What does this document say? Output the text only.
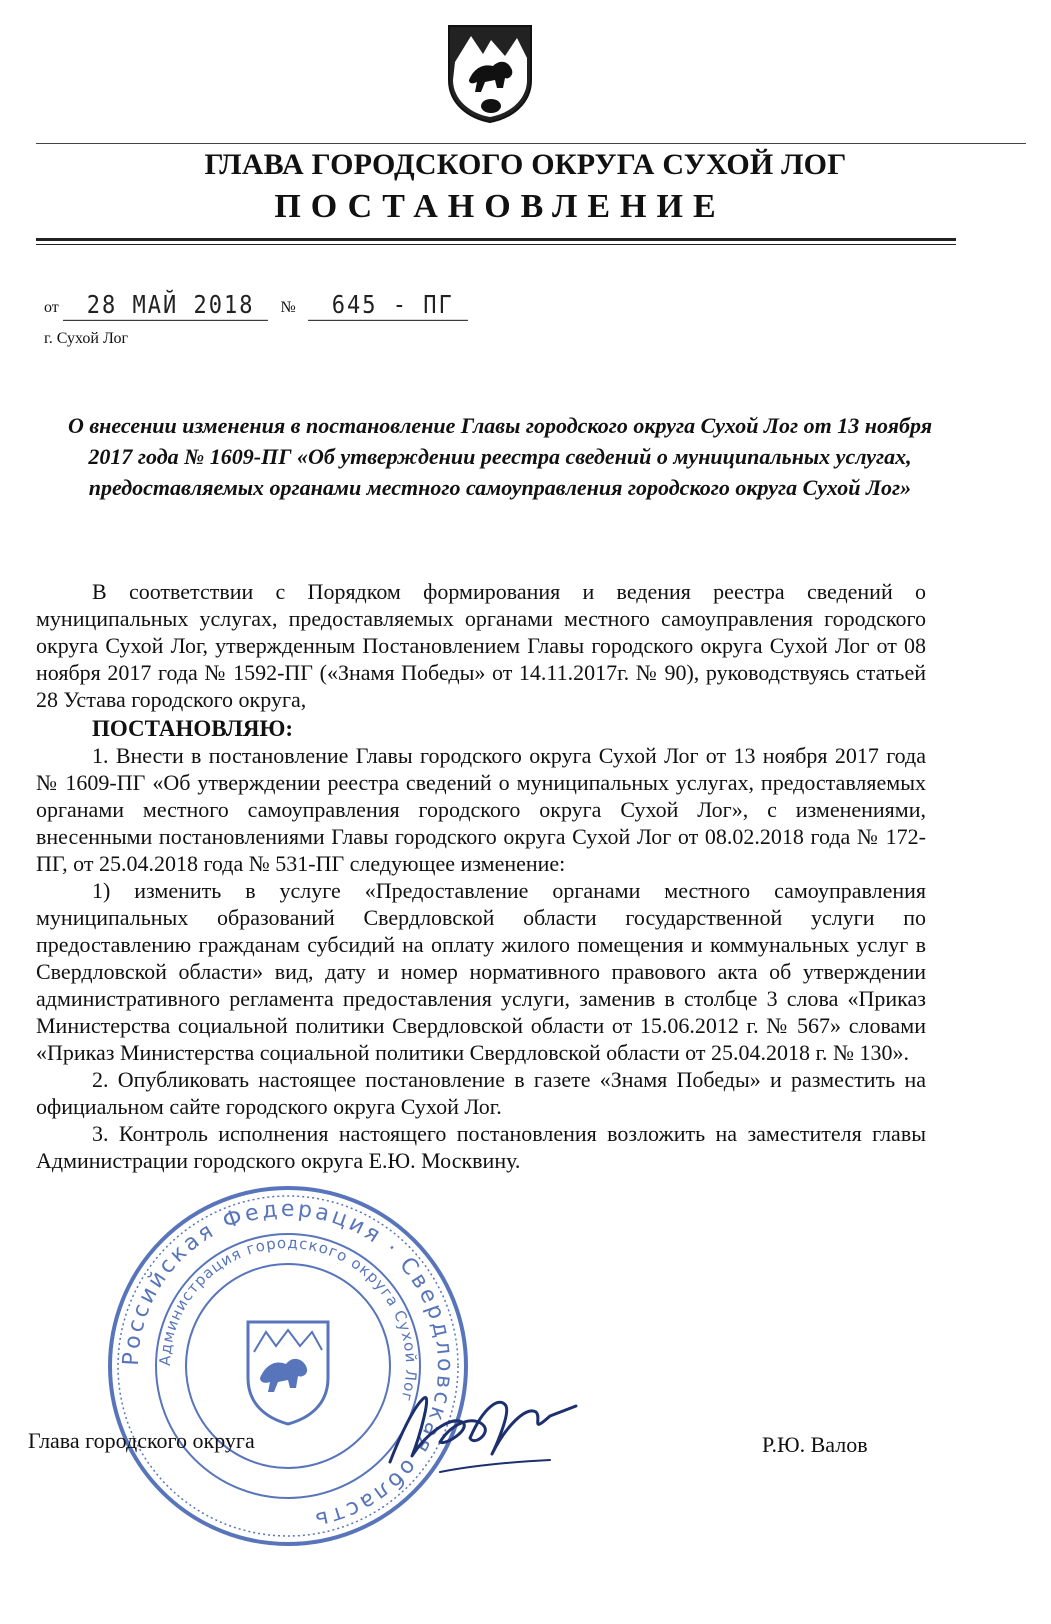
ГЛАВА ГОРОДСКОГО ОКРУГА СУХОЙ ЛОГ
ПОСТАНОВЛЕНИЕ
от 28 МАЙ 2018 № 645 - ПГ
г. Сухой Лог
О внесении изменения в постановление Главы городского округа Сухой Лог от 13 ноября 2017 года № 1609-ПГ «Об утверждении реестра сведений о муниципальных услугах, предоставляемых органами местного самоуправления городского округа Сухой Лог»

В соответствии с Порядком формирования и ведения реестра сведений о муниципальных услугах, предоставляемых органами местного самоуправления городского округа Сухой Лог, утвержденным Постановлением Главы городского округа Сухой Лог от 08 ноября 2017 года № 1592-ПГ («Знамя Победы» от 14.11.2017г. № 90), руководствуясь статьей 28 Устава городского округа,

ПОСТАНОВЛЯЮ:

1. Внести в постановление Главы городского округа Сухой Лог от 13 ноября 2017 года № 1609-ПГ «Об утверждении реестра сведений о муниципальных услугах, предоставляемых органами местного самоуправления городского округа Сухой Лог», с изменениями, внесенными постановлениями Главы городского округа Сухой Лог от 08.02.2018 года № 172-ПГ, от 25.04.2018 года № 531-ПГ следующее изменение:

1) изменить в услуге «Предоставление органами местного самоуправления муниципальных образований Свердловской области государственной услуги по предоставлению гражданам субсидий на оплату жилого помещения и коммунальных услуг в Свердловской области» вид, дату и номер нормативного правового акта об утверждении административного регламента предоставления услуги, заменив в столбце 3 слова «Приказ Министерства социальной политики Свердловской области от 15.06.2012 г. № 567» словами «Приказ Министерства социальной политики Свердловской области от 25.04.2018 г. № 130».

2. Опубликовать настоящее постановление в газете «Знамя Победы» и разместить на официальном сайте городского округа Сухой Лог.

3. Контроль исполнения настоящего постановления возложить на заместителя главы Администрации городского округа Е.Ю. Москвину.

Российская Федерация · Свердловская область
Администрация городского округа Сухой Лог
Глава городского округа	Р.Ю. Валов
